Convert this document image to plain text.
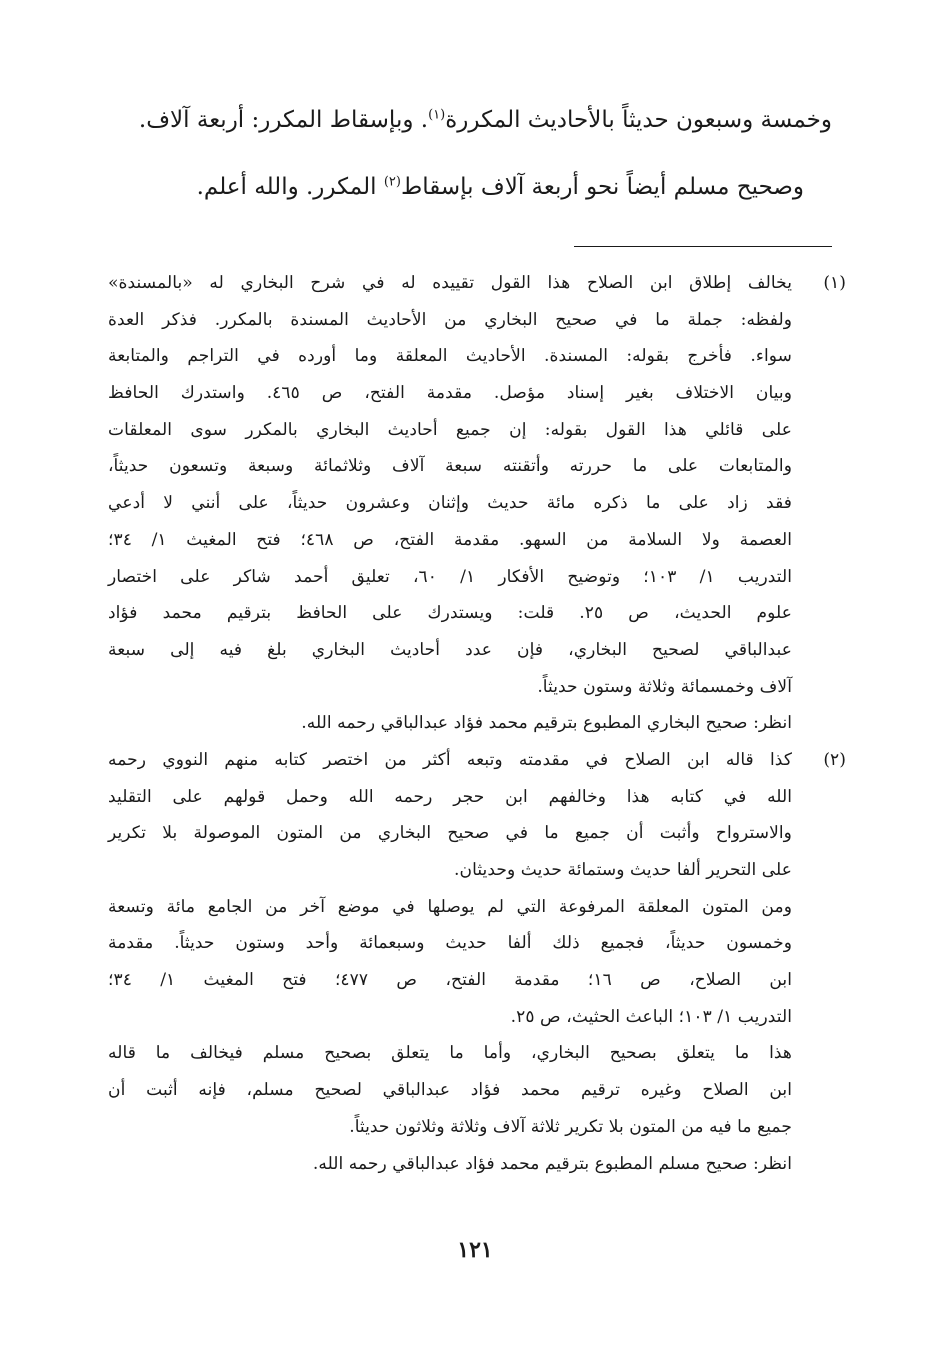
وخمسة وسبعون حديثاً بالأحاديث المكررة$^{(١)}$. وبإسقاط المكرر: أربعة آلاف.
وصحيح مسلم أيضاً نحو أربعة آلاف بإسقاط$^{(٢)}$ المكرر. والله أعلم.
(١)
يخالف إطلاق ابن الصلاح هذا القول تقييده له في شرح البخاري له «بالمسندة»
ولفظه: جملة ما في صحيح البخاري من الأحاديث المسندة بالمكرر. فذكر العدة
سواء. فأخرج بقوله: المسندة. الأحاديث المعلقة وما أورده في التراجم والمتابعة
وبيان الاختلاف بغير إسناد مؤصل. مقدمة الفتح، ص ٤٦٥. واستدرك الحافظ
على قائلي هذا القول بقوله: إن جميع أحاديث البخاري بالمكرر سوى المعلقات
والمتابعات على ما حررته وأتقنته سبعة آلاف وثلاثمائة وسبعة وتسعون حديثاً،
فقد زاد على ما ذكره مائة حديث وإثنان وعشرون حديثاً، على أنني لا أدعي
العصمة ولا السلامة من السهو. مقدمة الفتح، ص ٤٦٨؛ فتح المغيث ١/ ٣٤؛
التدريب ١/ ١٠٣؛ وتوضيح الأفكار ١/ ٦٠، تعليق أحمد شاكر على اختصار
علوم الحديث، ص ٢٥. قلت: ويستدرك على الحافظ بترقيم محمد فؤاد
عبدالباقي لصحيح البخاري، فإن عدد أحاديث البخاري بلغ فيه إلى سبعة
آلاف وخمسمائة وثلاثة وستون حديثاً.
انظر: صحيح البخاري المطبوع بترقيم محمد فؤاد عبدالباقي رحمه الله.
(٢)
كذا قاله ابن الصلاح في مقدمته وتبعه أكثر من اختصر كتابه منهم النووي رحمه
الله في كتابه هذا وخالفهم ابن حجر رحمه الله وحمل قولهم على التقليد
والاسترواح وأثبت أن جميع ما في صحيح البخاري من المتون الموصولة بلا تكرير
على التحرير ألفا حديث وستمائة حديث وحديثان.
ومن المتون المعلقة المرفوعة التي لم يوصلها في موضع آخر من الجامع مائة وتسعة
وخمسون حديثاً، فجميع ذلك ألفا حديث وسبعمائة وأحد وستون حديثاً. مقدمة
ابن الصلاح، ص ١٦؛ مقدمة الفتح، ص ٤٧٧؛ فتح المغيث ١/ ٣٤؛
التدريب ١/ ١٠٣؛ الباعث الحثيث، ص ٢٥.
هذا ما يتعلق بصحيح البخاري، وأما ما يتعلق بصحيح مسلم فيخالف ما قاله
ابن الصلاح وغيره ترقيم محمد فؤاد عبدالباقي لصحيح مسلم، فإنه أثبت أن
جميع ما فيه من المتون بلا تكرير ثلاثة آلاف وثلاثة وثلاثون حديثاً.
انظر: صحيح مسلم المطبوع بترقيم محمد فؤاد عبدالباقي رحمه الله.
١٢١
